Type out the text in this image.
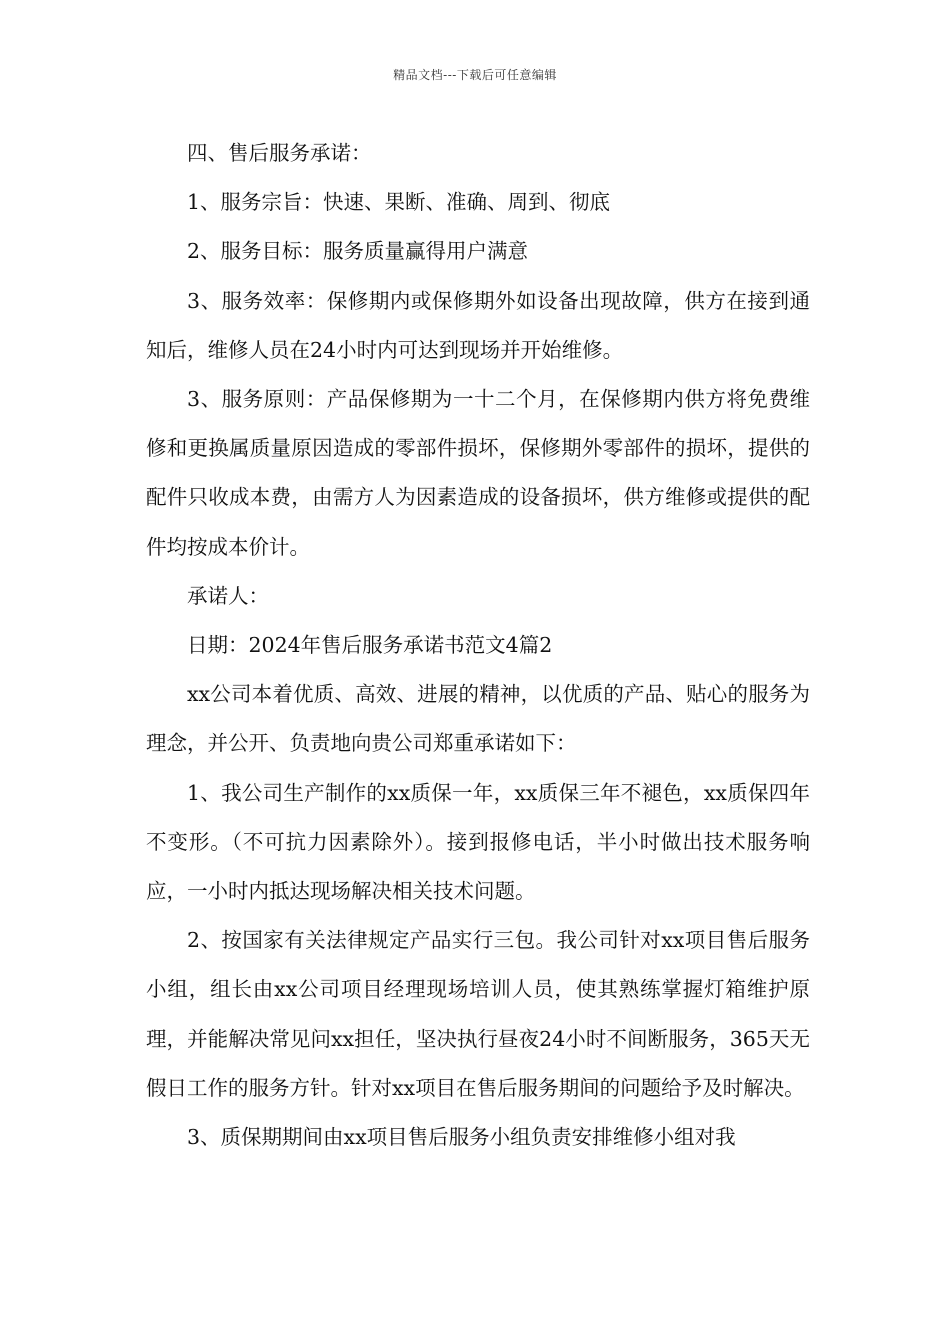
精品文档---下载后可任意编辑

四、售后服务承诺：

1、服务宗旨：快速、果断、准确、周到、彻底

2、服务目标：服务质量赢得用户满意

3、服务效率：保修期内或保修期外如设备出现故障，供方在接到通知后，维修人员在24小时内可达到现场并开始维修。

3、服务原则：产品保修期为一十二个月，在保修期内供方将免费维修和更换属质量原因造成的零部件损坏，保修期外零部件的损坏，提供的配件只收成本费，由需方人为因素造成的设备损坏，供方维修或提供的配件均按成本价计。

承诺人：

日期：2024年售后服务承诺书范文4篇2

xx公司本着优质、高效、进展的精神，以优质的产品、贴心的服务为理念，并公开、负责地向贵公司郑重承诺如下：

1、我公司生产制作的xx质保一年，xx质保三年不褪色，xx质保四年不变形。（不可抗力因素除外）。接到报修电话，半小时做出技术服务响应，一小时内抵达现场解决相关技术问题。

2、按国家有关法律规定产品实行三包。我公司针对xx项目售后服务小组，组长由xx公司项目经理现场培训人员，使其熟练掌握灯箱维护原理，并能解决常见问xx担任，坚决执行昼夜24小时不间断服务，365天无假日工作的服务方针。针对xx项目在售后服务期间的问题给予及时解决。

3、质保期期间由xx项目售后服务小组负责安排维修小组对我
